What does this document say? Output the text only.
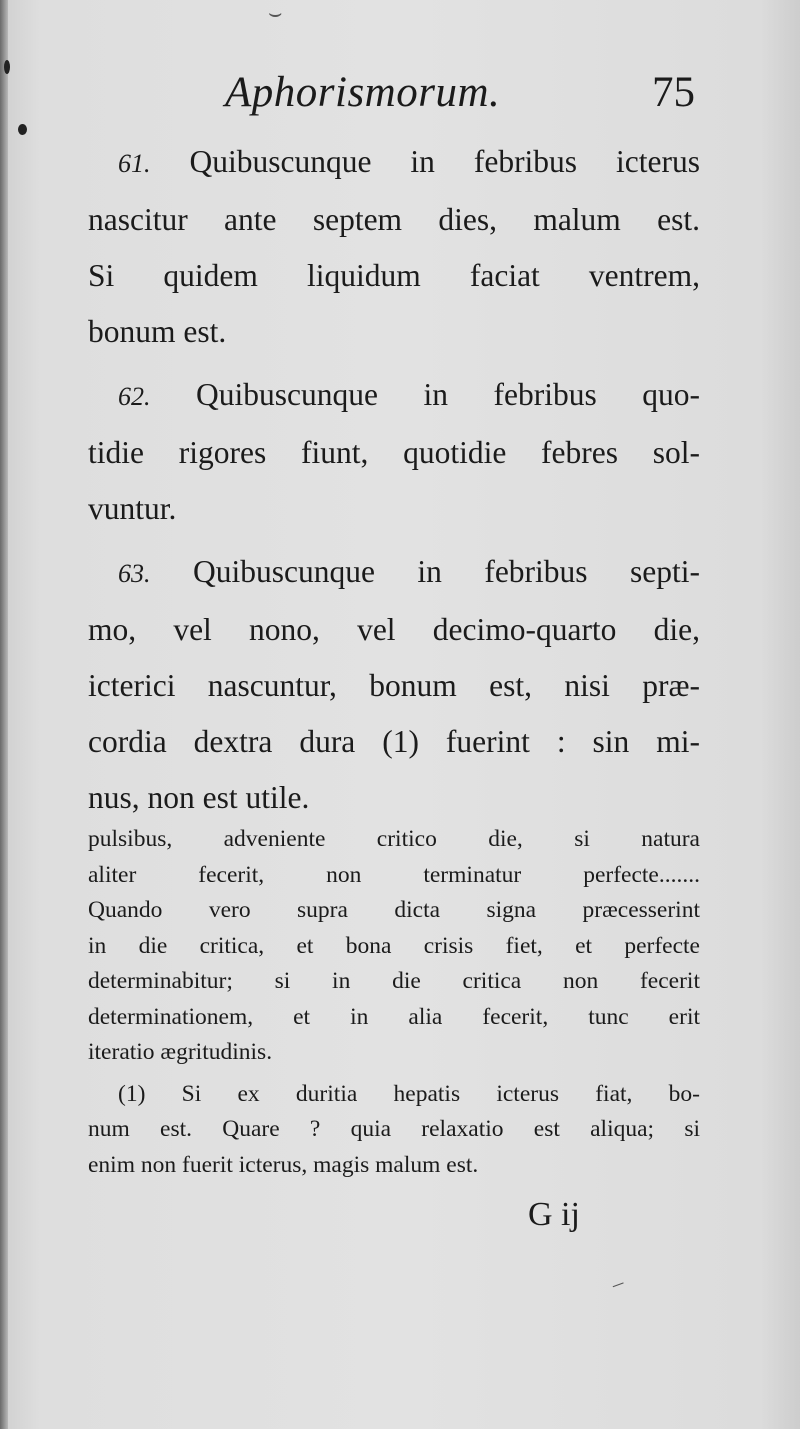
⌣
–
Aphorismorum.	75

61. Quibuscunque in febribus icterus
nascitur ante septem dies, malum est.
Si quidem liquidum faciat ventrem,
bonum est.

62. Quibuscunque in febribus quo-
tidie rigores fiunt, quotidie febres sol-
vuntur.

63. Quibuscunque in febribus septi-
mo, vel nono, vel decimo-quarto die,
icterici nascuntur, bonum est, nisi præ-
cordia dextra dura (1) fuerint : sin mi-
nus, non est utile.

pulsibus, adveniente critico die, si natura
aliter fecerit, non terminatur perfecte.......
Quando vero supra dicta signa præcesserint
in die critica, et bona crisis fiet, et perfecte
determinabitur; si in die critica non fecerit
determinationem, et in alia fecerit, tunc erit
iteratio ægritudinis.
(1) Si ex duritia hepatis icterus fiat, bo-
num est. Quare ? quia relaxatio est aliqua; si
enim non fuerit icterus, magis malum est.
G ij
